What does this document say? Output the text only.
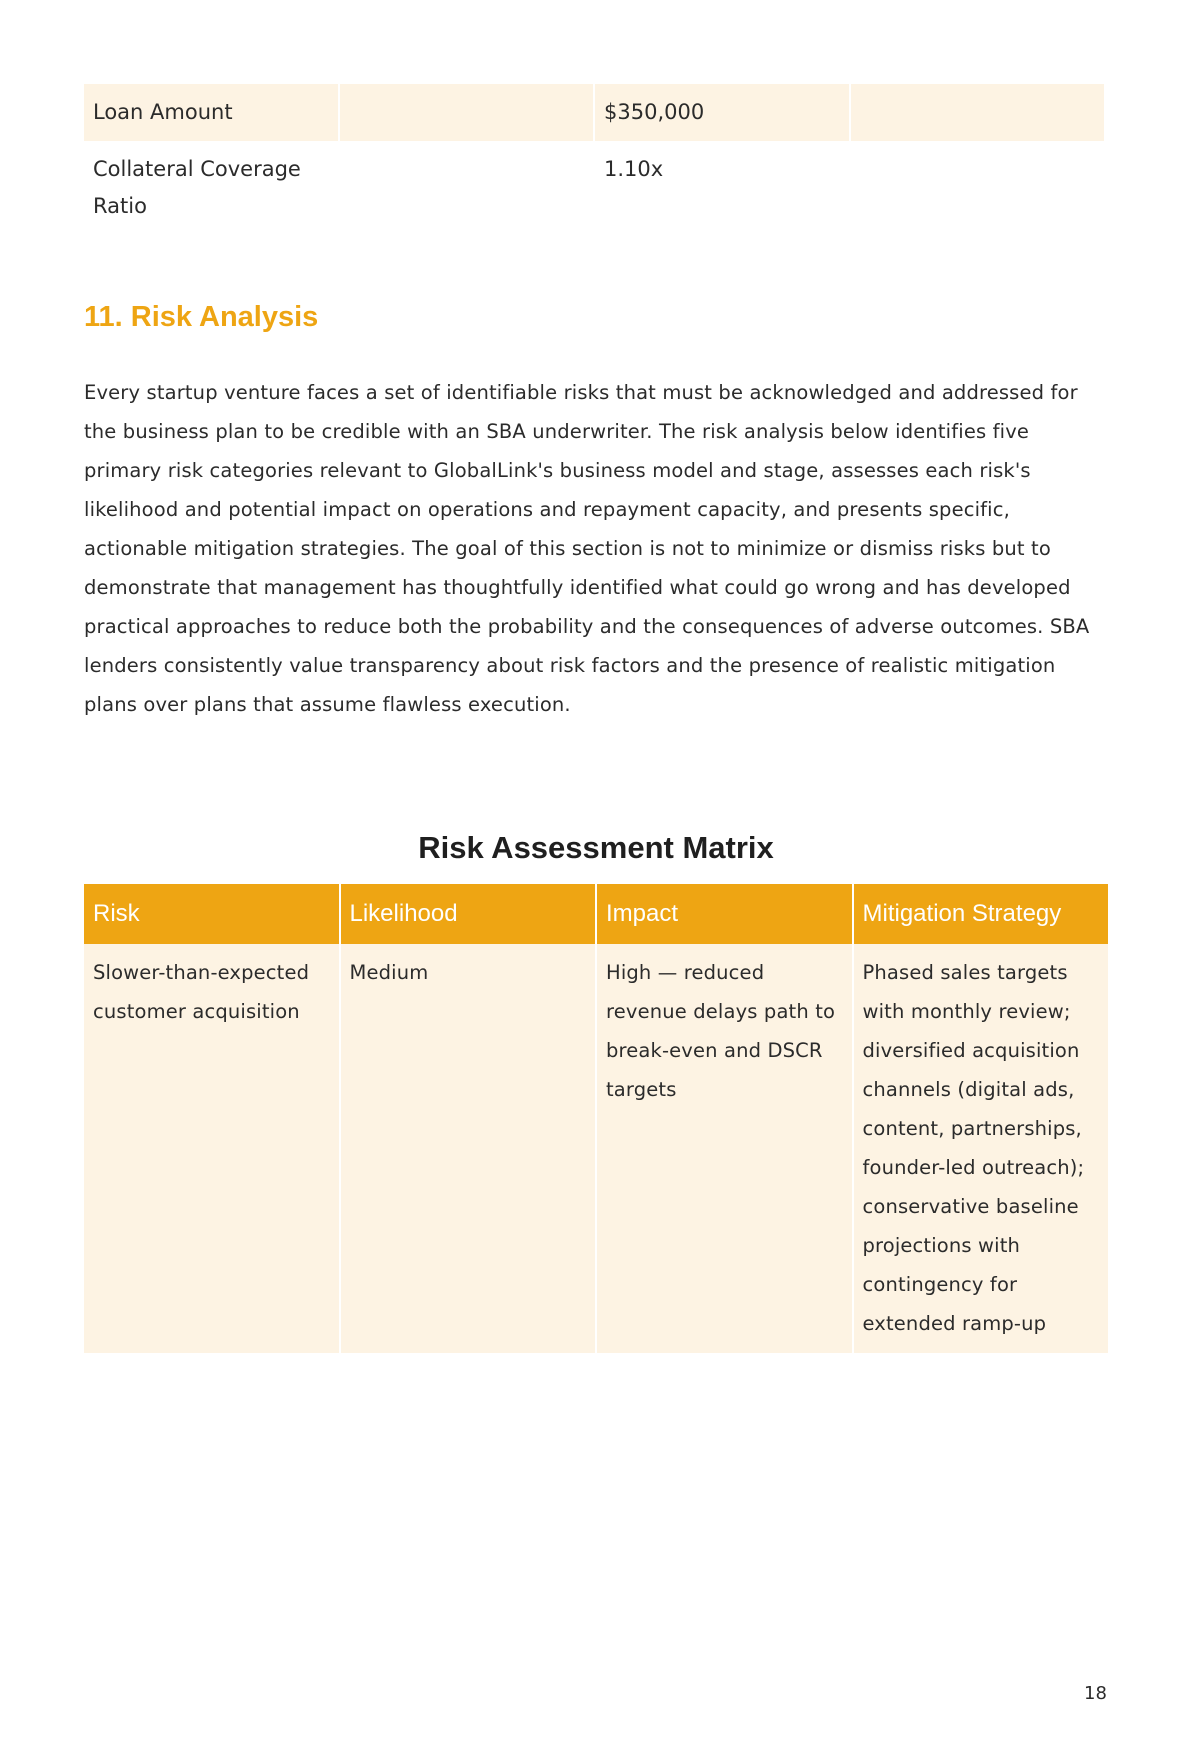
Loan Amount		$350,000	
Collateral Coverage Ratio		1.10x	
11. Risk Analysis

Every startup venture faces a set of identifiable risks that must be acknowledged and addressed for the business plan to be credible with an SBA underwriter. The risk analysis below identifies five primary risk categories relevant to GlobalLink's business model and stage, assesses each risk's likelihood and potential impact on operations and repayment capacity, and presents specific, actionable mitigation strategies. The goal of this section is not to minimize or dismiss risks but to demonstrate that management has thoughtfully identified what could go wrong and has developed practical approaches to reduce both the probability and the consequences of adverse outcomes. SBA lenders consistently value transparency about risk factors and the presence of realistic mitigation plans over plans that assume flawless execution.

Risk Assessment Matrix
Risk	Likelihood	Impact	Mitigation Strategy
Slower-than-expected customer acquisition	Medium	High — reduced revenue delays path to break-even and DSCR targets	Phased sales targets with monthly review; diversified acquisition channels (digital ads, content, partnerships, founder-led outreach); conservative baseline projections with contingency for extended ramp-up
18
